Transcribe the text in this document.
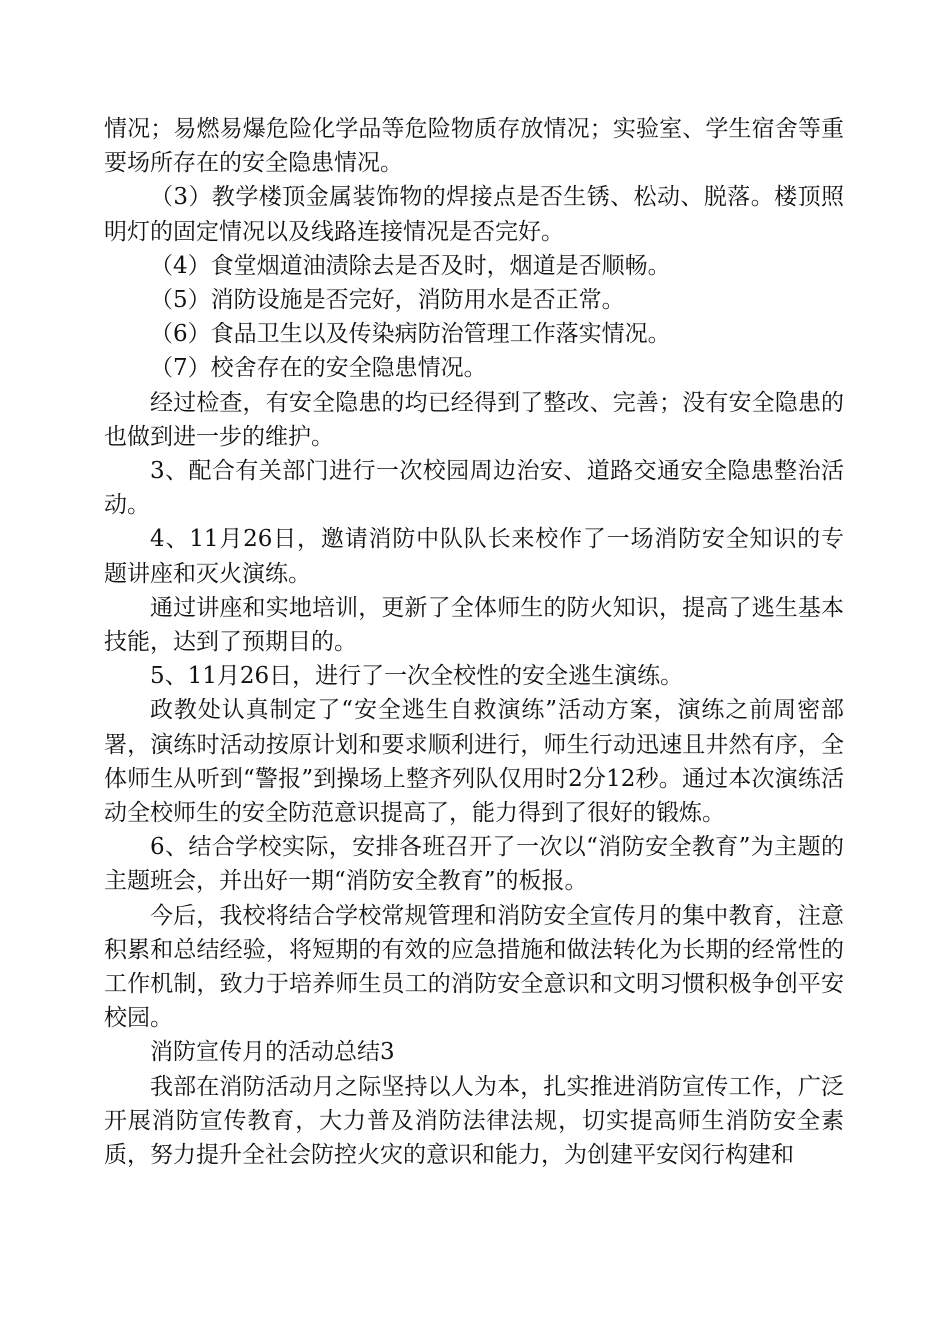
情况；易燃易爆危险化学品等危险物质存放情况；实验室、学生宿舍等重要场所存在的安全隐患情况。

（3）教学楼顶金属装饰物的焊接点是否生锈、松动、脱落。楼顶照明灯的固定情况以及线路连接情况是否完好。

（4）食堂烟道油渍除去是否及时，烟道是否顺畅。

（5）消防设施是否完好，消防用水是否正常。

（6）食品卫生以及传染病防治管理工作落实情况。

（7）校舍存在的安全隐患情况。

经过检查，有安全隐患的均已经得到了整改、完善；没有安全隐患的也做到进一步的维护。

3、配合有关部门进行一次校园周边治安、道路交通安全隐患整治活动。

4、11月26日，邀请消防中队队长来校作了一场消防安全知识的专题讲座和灭火演练。

通过讲座和实地培训，更新了全体师生的防火知识，提高了逃生基本技能，达到了预期目的。

5、11月26日，进行了一次全校性的安全逃生演练。

政教处认真制定了“安全逃生自救演练”活动方案，演练之前周密部署，演练时活动按原计划和要求顺利进行，师生行动迅速且井然有序，全体师生从听到“警报”到操场上整齐列队仅用时2分12秒。通过本次演练活动全校师生的安全防范意识提高了，能力得到了很好的锻炼。

6、结合学校实际，安排各班召开了一次以“消防安全教育”为主题的主题班会，并出好一期“消防安全教育”的板报。

今后，我校将结合学校常规管理和消防安全宣传月的集中教育，注意积累和总结经验，将短期的有效的应急措施和做法转化为长期的经常性的工作机制，致力于培养师生员工的消防安全意识和文明习惯积极争创平安校园。

消防宣传月的活动总结3

我部在消防活动月之际坚持以人为本，扎实推进消防宣传工作，广泛开展消防宣传教育，大力普及消防法律法规，切实提高师生消防安全素质，努力提升全社会防控火灾的意识和能力，为创建平安闵行构建和
